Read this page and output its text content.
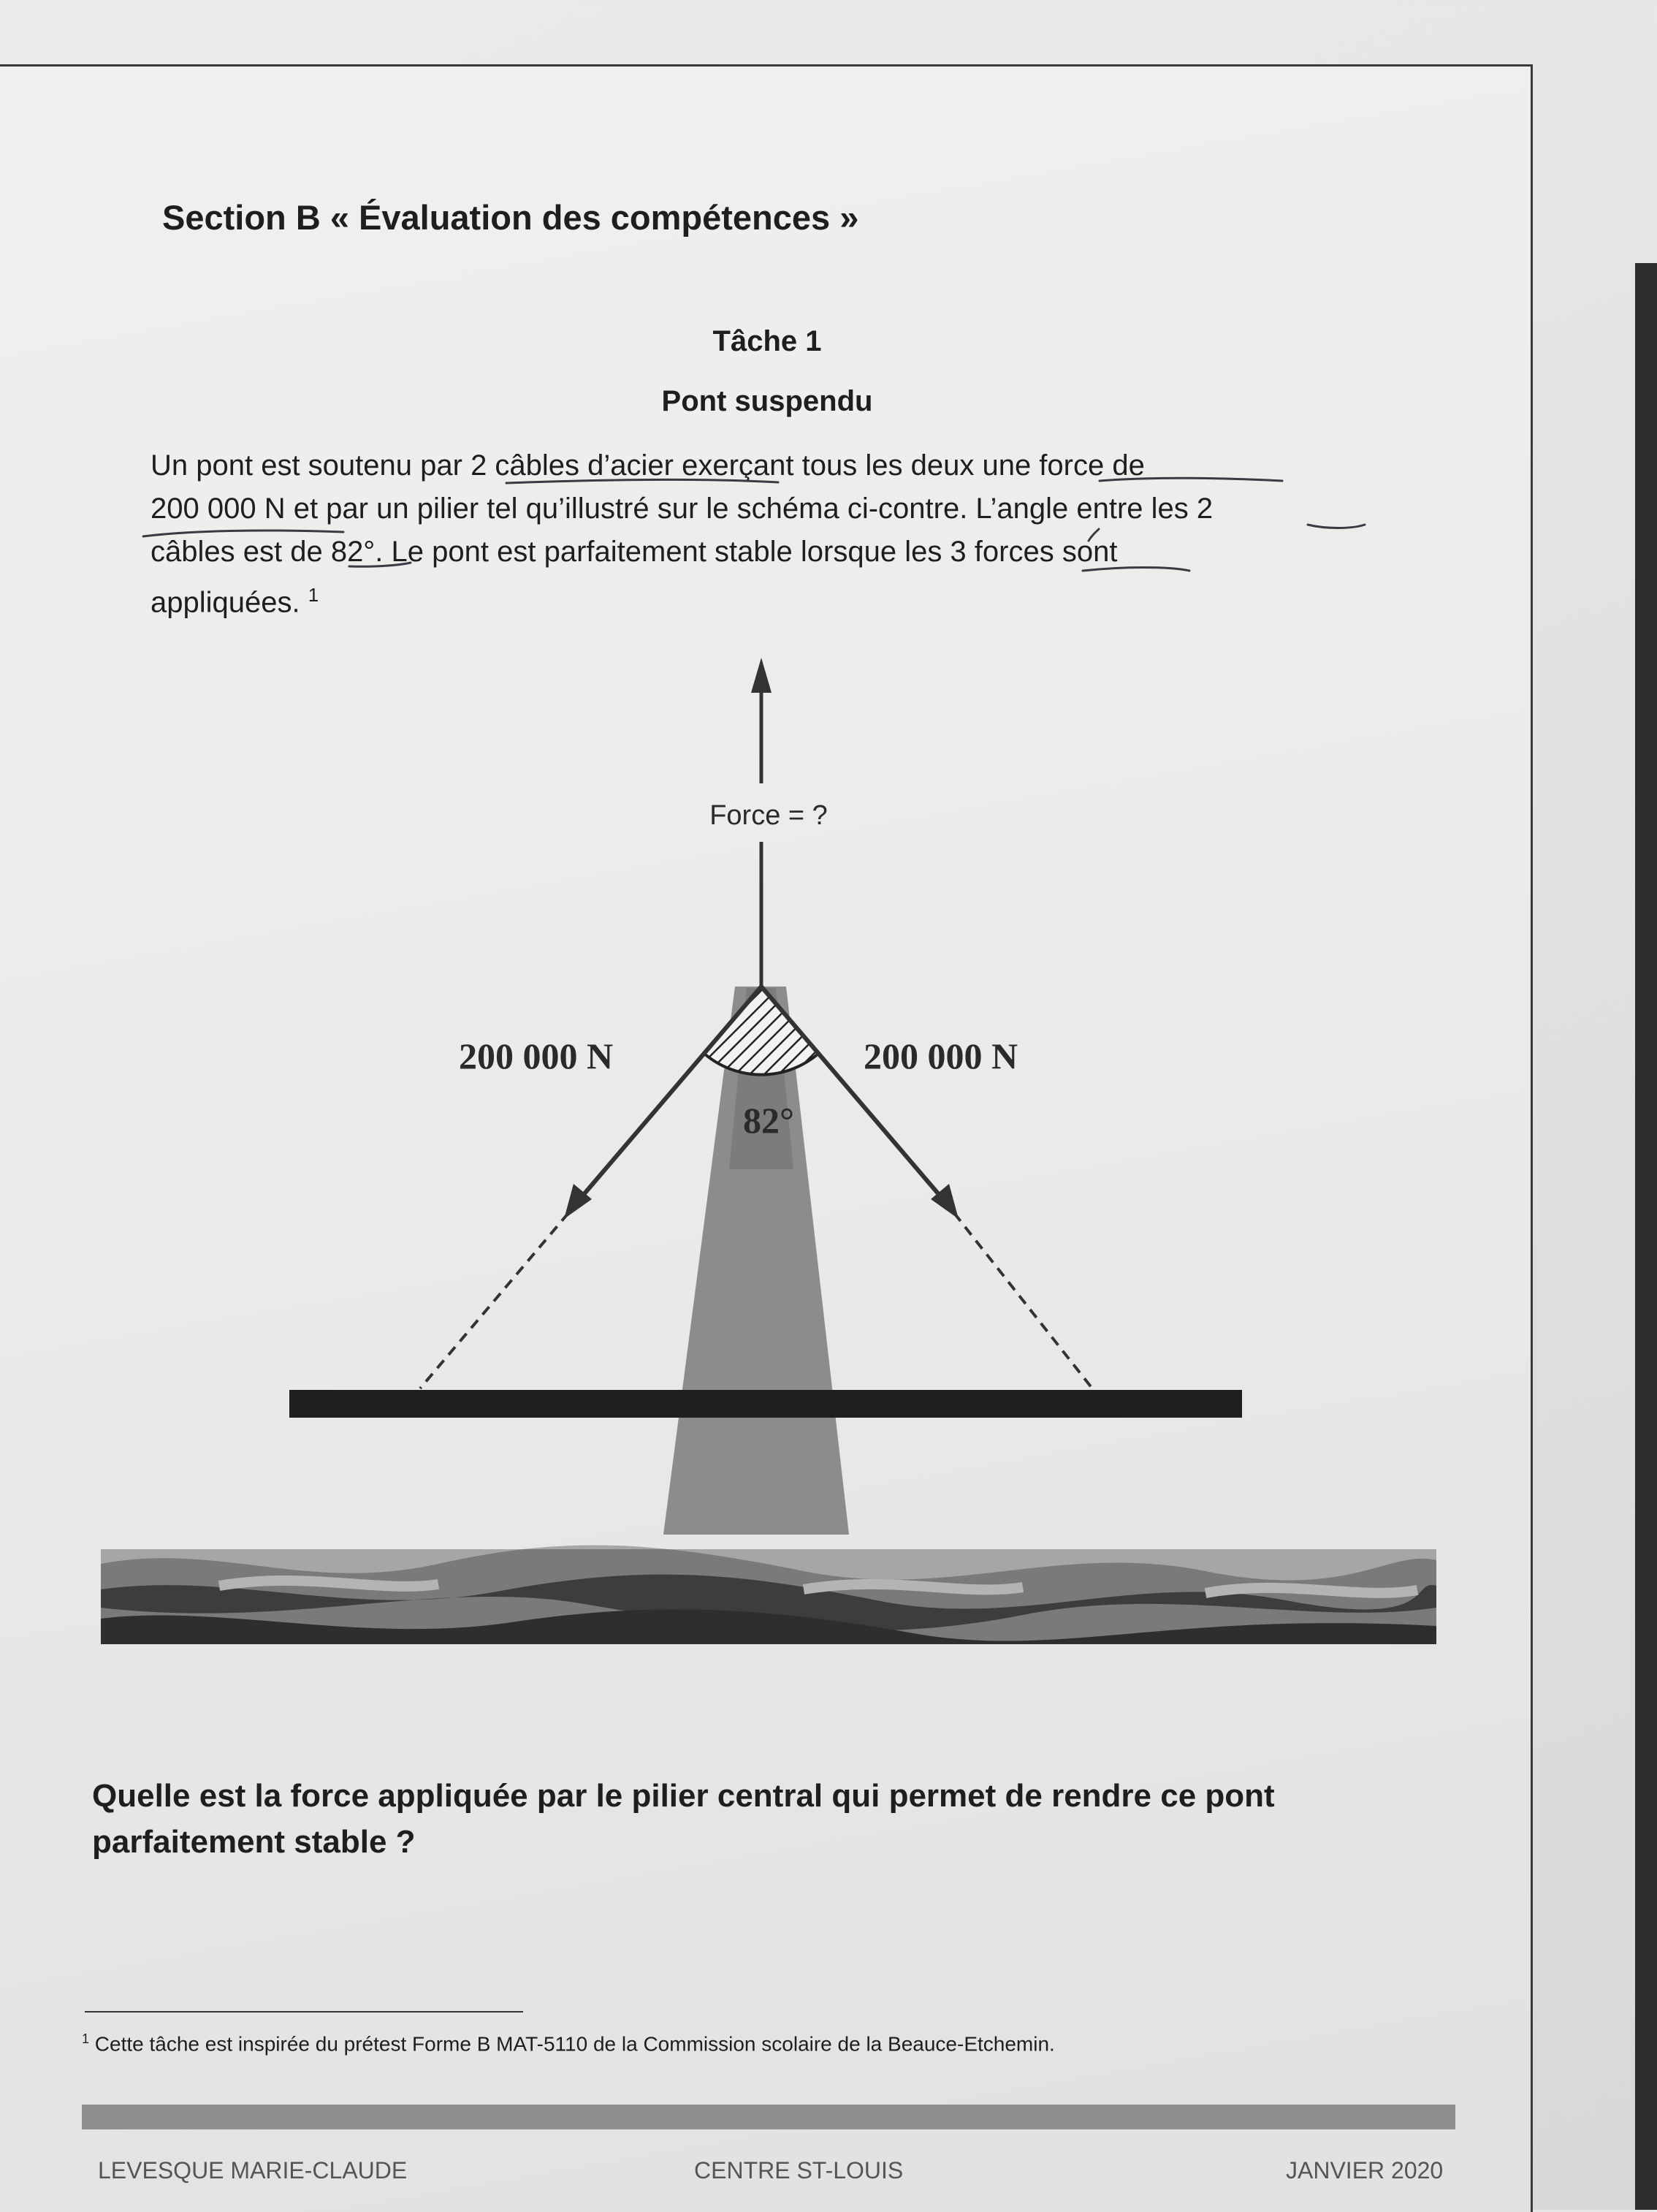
Section B « Évaluation des compétences »
Tâche 1
Pont suspendu
Un pont est soutenu par 2 câbles d’acier exerçant tous les deux une force de
200 000 N et par un pilier tel qu’illustré sur le schéma ci-contre. L’angle entre les 2
câbles est de 82°. Le pont est parfaitement stable lorsque les 3 forces sont
appliquées. $^1$
Force = ?
200 000 N	200 000 N
82°
Quelle est la force appliquée par le pilier central qui permet de rendre ce pont
parfaitement stable ?
$^1$ Cette tâche est inspirée du prétest Forme B MAT-5110 de la Commission scolaire de la Beauce-Etchemin.
LEVESQUE MARIE-CLAUDE	CENTRE ST-LOUIS	JANVIER 2020
